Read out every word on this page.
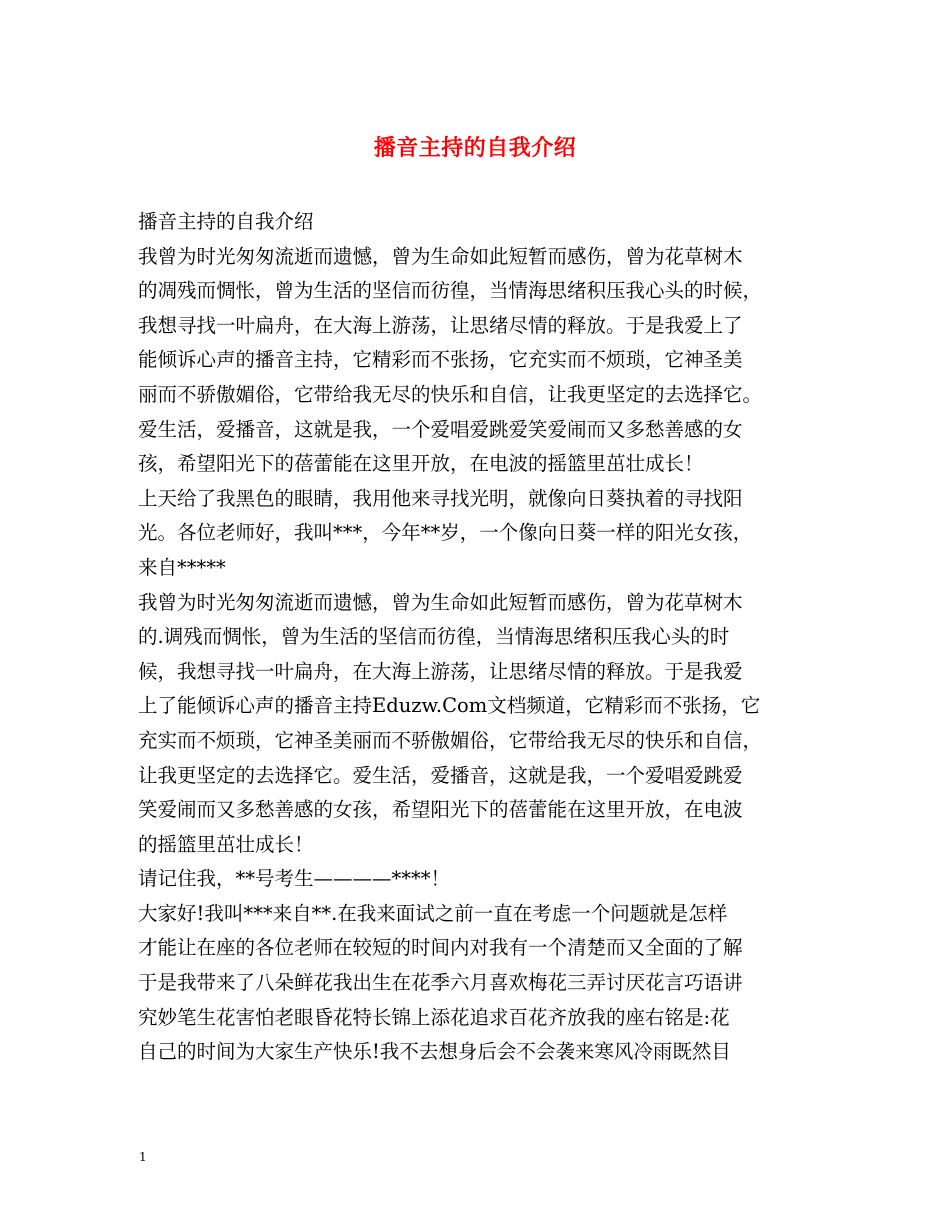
播音主持的自我介绍
播音主持的自我介绍
我曾为时光匆匆流逝而遗憾，曾为生命如此短暂而感伤，曾为花草树木
的凋残而惆怅，曾为生活的坚信而彷徨，当情海思绪积压我心头的时候，
我想寻找一叶扁舟，在大海上游荡，让思绪尽情的释放。于是我爱上了
能倾诉心声的播音主持，它精彩而不张扬，它充实而不烦琐，它神圣美
丽而不骄傲媚俗，它带给我无尽的快乐和自信，让我更坚定的去选择它。
爱生活，爱播音，这就是我，一个爱唱爱跳爱笑爱闹而又多愁善感的女
孩，希望阳光下的蓓蕾能在这里开放，在电波的摇篮里茁壮成长！
上天给了我黑色的眼睛，我用他来寻找光明，就像向日葵执着的寻找阳
光。各位老师好，我叫***，今年**岁，一个像向日葵一样的阳光女孩，
来自*****
我曾为时光匆匆流逝而遗憾，曾为生命如此短暂而感伤，曾为花草树木
的.调残而惆怅，曾为生活的坚信而彷徨，当情海思绪积压我心头的时
候，我想寻找一叶扁舟，在大海上游荡，让思绪尽情的释放。于是我爱
上了能倾诉心声的播音主持Eduzw.Com文档频道，它精彩而不张扬，它
充实而不烦琐，它神圣美丽而不骄傲媚俗，它带给我无尽的快乐和自信，
让我更坚定的去选择它。爱生活，爱播音，这就是我，一个爱唱爱跳爱
笑爱闹而又多愁善感的女孩，希望阳光下的蓓蕾能在这里开放，在电波
的摇篮里茁壮成长！
请记住我，**号考生————****！
大家好!我叫***来自**.在我来面试之前一直在考虑一个问题就是怎样
才能让在座的各位老师在较短的时间内对我有一个清楚而又全面的了解
于是我带来了八朵鲜花我出生在花季六月喜欢梅花三弄讨厌花言巧语讲
究妙笔生花害怕老眼昏花特长锦上添花追求百花齐放我的座右铭是:花
自己的时间为大家生产快乐!我不去想身后会不会袭来寒风冷雨既然目
1
